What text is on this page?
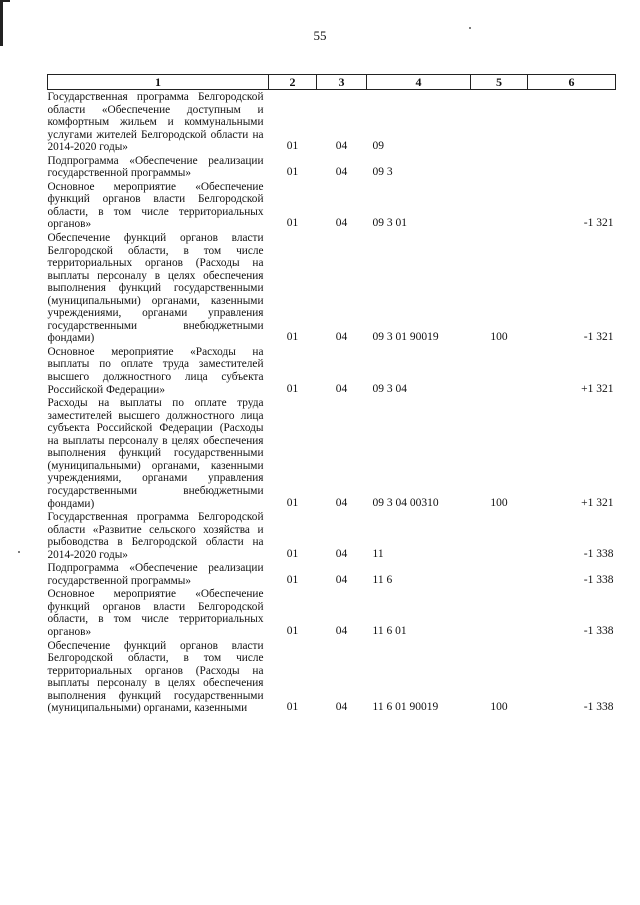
55
1	2	3	4	5	6
Государственная программа Белгородской области «Обеспечение доступным и комфортным жильем и коммунальными услугами жителей Белгородской области на 2014-2020 годы»	01	04	09		
Подпрограмма «Обеспечение реализации государственной программы»	01	04	09 3		
Основное мероприятие «Обеспечение функций органов власти Белгородской области, в том числе территориальных органов»	01	04	09 3 01		-1 321
Обеспечение функций органов власти Белгородской области, в том числе территориальных органов (Расходы на выплаты персоналу в целях обеспечения выполнения функций государственными (муниципальными) органами, казенными учреждениями, органами управления государственными внебюджетными фондами)	01	04	09 3 01 90019	100	-1 321
Основное мероприятие «Расходы на выплаты по оплате труда заместителей высшего должностного лица субъекта Российской Федерации»	01	04	09 3 04		+1 321
Расходы на выплаты по оплате труда заместителей высшего должностного лица субъекта Российской Федерации (Расходы на выплаты персоналу в целях обеспечения выполнения функций государственными (муниципальными) органами, казенными учреждениями, органами управления государственными внебюджетными фондами)	01	04	09 3 04 00310	100	+1 321
Государственная программа Белгородской области «Развитие сельского хозяйства и рыбоводства в Белгородской области на 2014-2020 годы»	01	04	11		-1 338
Подпрограмма «Обеспечение реализации государственной программы»	01	04	11 6		-1 338
Основное мероприятие «Обеспечение функций органов власти Белгородской области, в том числе территориальных органов»	01	04	11 6 01		-1 338
Обеспечение функций органов власти Белгородской области, в том числе территориальных органов (Расходы на выплаты персоналу в целях обеспечения выполнения функций государственными (муниципальными) органами, казенными	01	04	11 6 01 90019	100	-1 338
